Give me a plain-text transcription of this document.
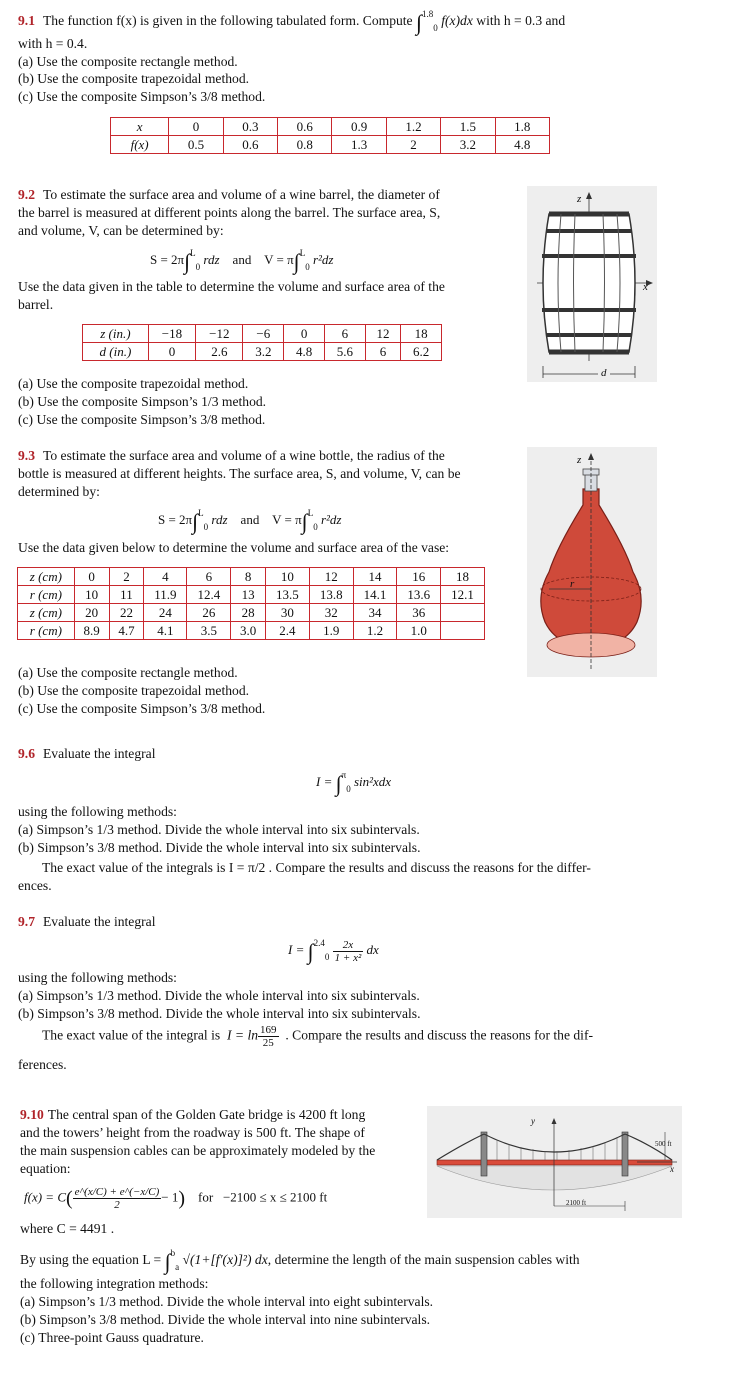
9.1 The function f(x) is given in the following tabulated form. Compute ∫$^{1.8}_0$ f(x)dx with h = 0.3 and
with h = 0.4.
(a) Use the composite rectangle method.
(b) Use the composite trapezoidal method.
(c) Use the composite Simpson’s 3/8 method.
x	0	0.3	0.6	0.9	1.2	1.5	1.8
f(x)	0.5	0.6	0.8	1.3	2	3.2	4.8
9.2 To estimate the surface area and volume of a wine barrel, the diameter of
the barrel is measured at different points along the barrel. The surface area, S,
and volume, V, can be determined by:
S = 2π∫$^L_0$ rdz and V = π∫$^L_0$ r²dz
Use the data given in the table to determine the volume and surface area of the
barrel.
z (in.)	−18	−12	−6	0	6	12	18
d (in.)	0	2.6	3.2	4.8	5.6	6	6.2
(a) Use the composite trapezoidal method.
(b) Use the composite Simpson’s 1/3 method.
(c) Use the composite Simpson’s 3/8 method.
z
x
d
9.3 To estimate the surface area and volume of a wine bottle, the radius of the
bottle is measured at different heights. The surface area, S, and volume, V, can be
determined by:
S = 2π∫$^L_0$ rdz and V = π∫$^L_0$ r²dz
Use the data given below to determine the volume and surface area of the vase:
z (cm)	0	2	4	6	8	10	12	14	16	18
r (cm)	10	11	11.9	12.4	13	13.5	13.8	14.1	13.6	12.1
z (cm)	20	22	24	26	28	30	32	34	36	
r (cm)	8.9	4.7	4.1	3.5	3.0	2.4	1.9	1.2	1.0	
(a) Use the composite rectangle method.
(b) Use the composite trapezoidal method.
(c) Use the composite Simpson’s 3/8 method.
z
r
9.6 Evaluate the integral
I = ∫$^\pi_0$ sin²xdx
using the following methods:
(a) Simpson’s 1/3 method. Divide the whole interval into six subintervals.
(b) Simpson’s 3/8 method. Divide the whole interval into six subintervals.
The exact value of the integrals is I = π/2 . Compare the results and discuss the reasons for the differ-
ences.
9.7 Evaluate the integral
$I = \int^{2.4}_0 \frac{2x}{\text{1 + x²}}$ dx
using the following methods:
(a) Simpson’s 1/3 method. Divide the whole interval into six subintervals.
(b) Simpson’s 3/8 method. Divide the whole interval into six subintervals.
The exact value of the integral is $I = \ln \frac{169}{25}$ . Compare the results and discuss the reasons for the dif-
ferences.
9.10 The central span of the Golden Gate bridge is 4200 ft long
and the towers’ height from the roadway is 500 ft. The shape of
the main suspension cables can be approximately modeled by the
equation:
$f(x) = C( \frac{e\^{}(x/C) + e\^{}(-x/C)}{2} - 1)$ for −2100 ≤ x ≤ 2100 ft
where C = 4491 .
By using the equation L = ∫$^b_a$ √(1+[f′(x)]²) dx, determine the length of the main suspension cables with
the following integration methods:
(a) Simpson’s 1/3 method. Divide the whole interval into eight subintervals.
(b) Simpson’s 3/8 method. Divide the whole interval into nine subintervals.
(c) Three-point Gauss quadrature.
y
x
500 ft
2100 ft
